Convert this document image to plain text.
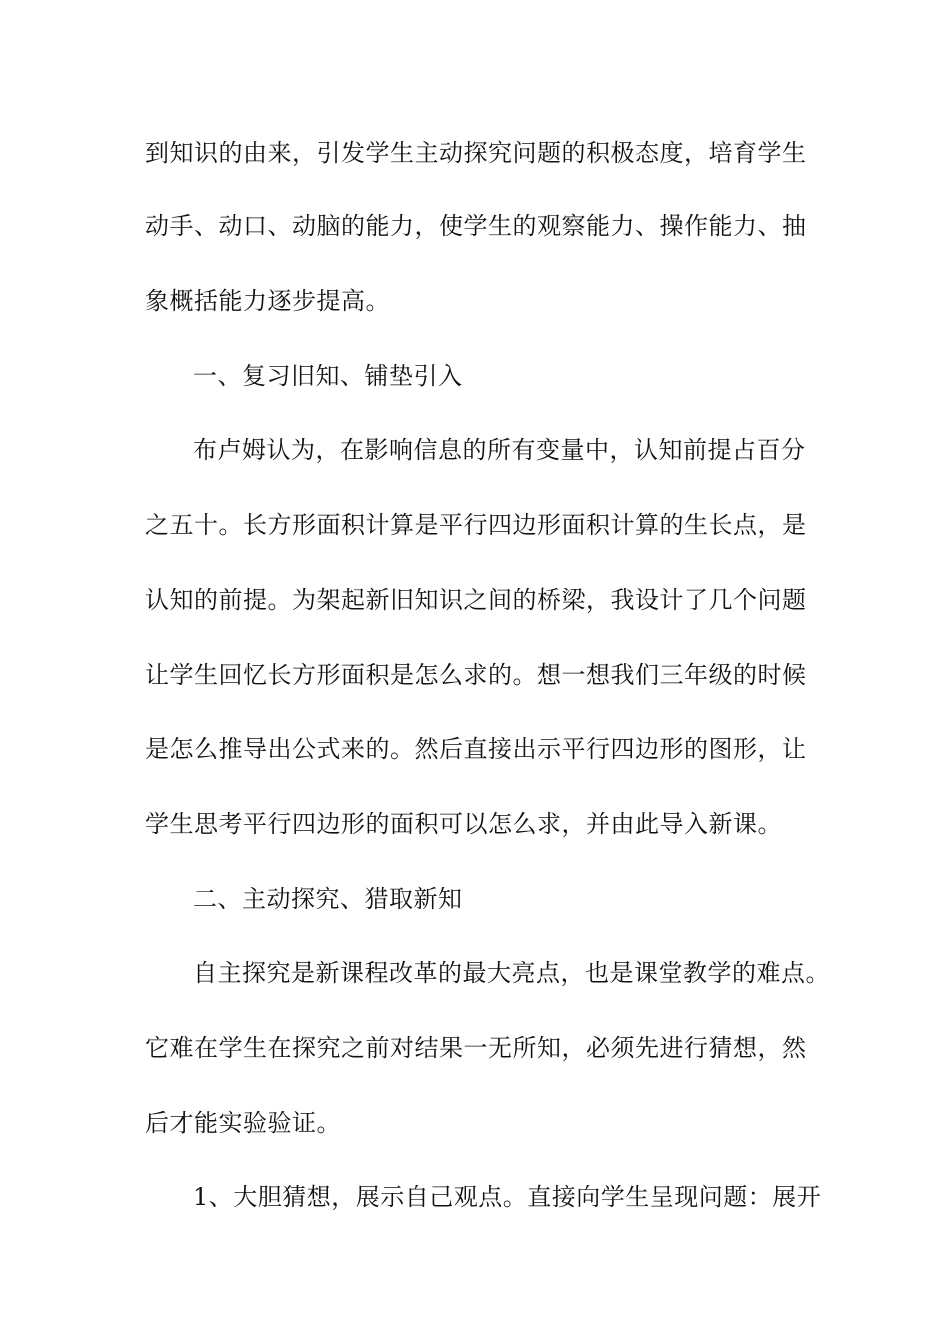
到知识的由来，引发学生主动探究问题的积极态度，培育学生
动手、动口、动脑的能力，使学生的观察能力、操作能力、抽
象概括能力逐步提高。
一、复习旧知、铺垫引入
布卢姆认为，在影响信息的所有变量中，认知前提占百分
之五十。长方形面积计算是平行四边形面积计算的生长点，是
认知的前提。为架起新旧知识之间的桥梁，我设计了几个问题
让学生回忆长方形面积是怎么求的。想一想我们三年级的时候
是怎么推导出公式来的。然后直接出示平行四边形的图形，让
学生思考平行四边形的面积可以怎么求，并由此导入新课。
二、主动探究、猎取新知
自主探究是新课程改革的最大亮点，也是课堂教学的难点。
它难在学生在探究之前对结果一无所知，必须先进行猜想，然
后才能实验验证。
1、大胆猜想，展示自己观点。直接向学生呈现问题：展开
